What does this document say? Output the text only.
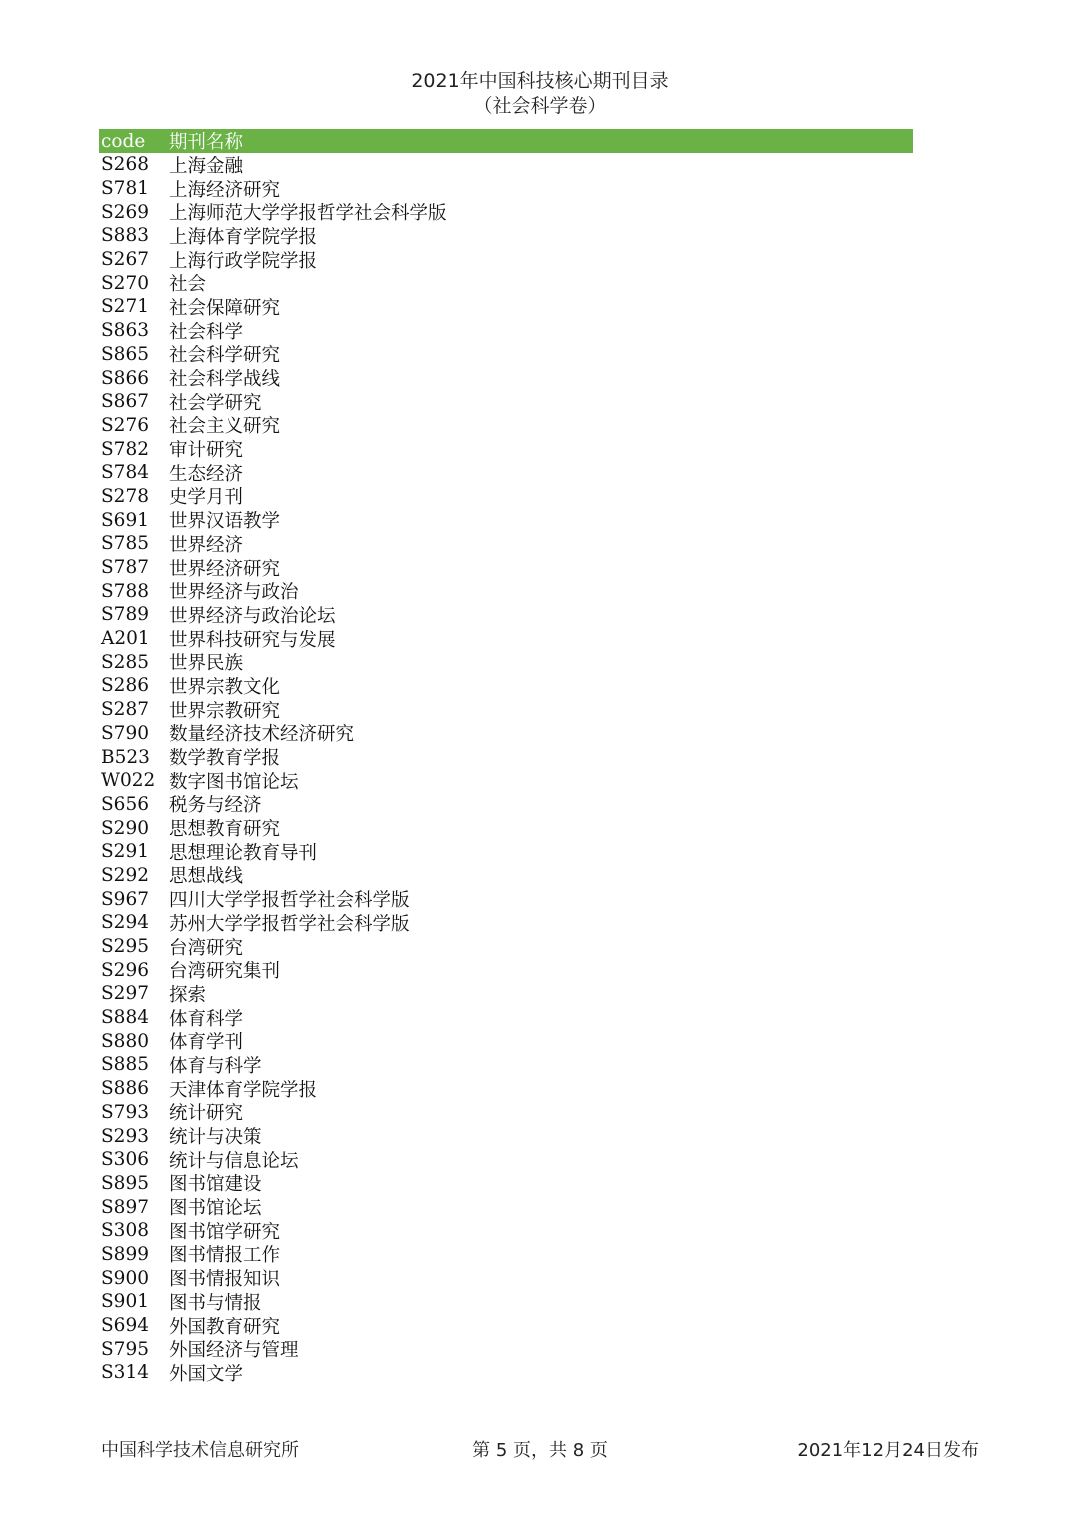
2021年中国科技核心期刊目录
（社会科学卷）
code	期刊名称
S268	上海金融
S781	上海经济研究
S269	上海师范大学学报哲学社会科学版
S883	上海体育学院学报
S267	上海行政学院学报
S270	社会
S271	社会保障研究
S863	社会科学
S865	社会科学研究
S866	社会科学战线
S867	社会学研究
S276	社会主义研究
S782	审计研究
S784	生态经济
S278	史学月刊
S691	世界汉语教学
S785	世界经济
S787	世界经济研究
S788	世界经济与政治
S789	世界经济与政治论坛
A201	世界科技研究与发展
S285	世界民族
S286	世界宗教文化
S287	世界宗教研究
S790	数量经济技术经济研究
B523	数学教育学报
W022 数字图书馆论坛
S656	税务与经济
S290	思想教育研究
S291	思想理论教育导刊
S292	思想战线
S967	四川大学学报哲学社会科学版
S294	苏州大学学报哲学社会科学版
S295	台湾研究
S296	台湾研究集刊
S297	探索
S884	体育科学
S880	体育学刊
S885	体育与科学
S886	天津体育学院学报
S793	统计研究
S293	统计与决策
S306	统计与信息论坛
S895	图书馆建设
S897	图书馆论坛
S308	图书馆学研究
S899	图书情报工作
S900	图书情报知识
S901	图书与情报
S694	外国教育研究
S795	外国经济与管理
S314	外国文学
中国科学技术信息研究所	第 5 页，共 8 页	2021年12月24日发布
